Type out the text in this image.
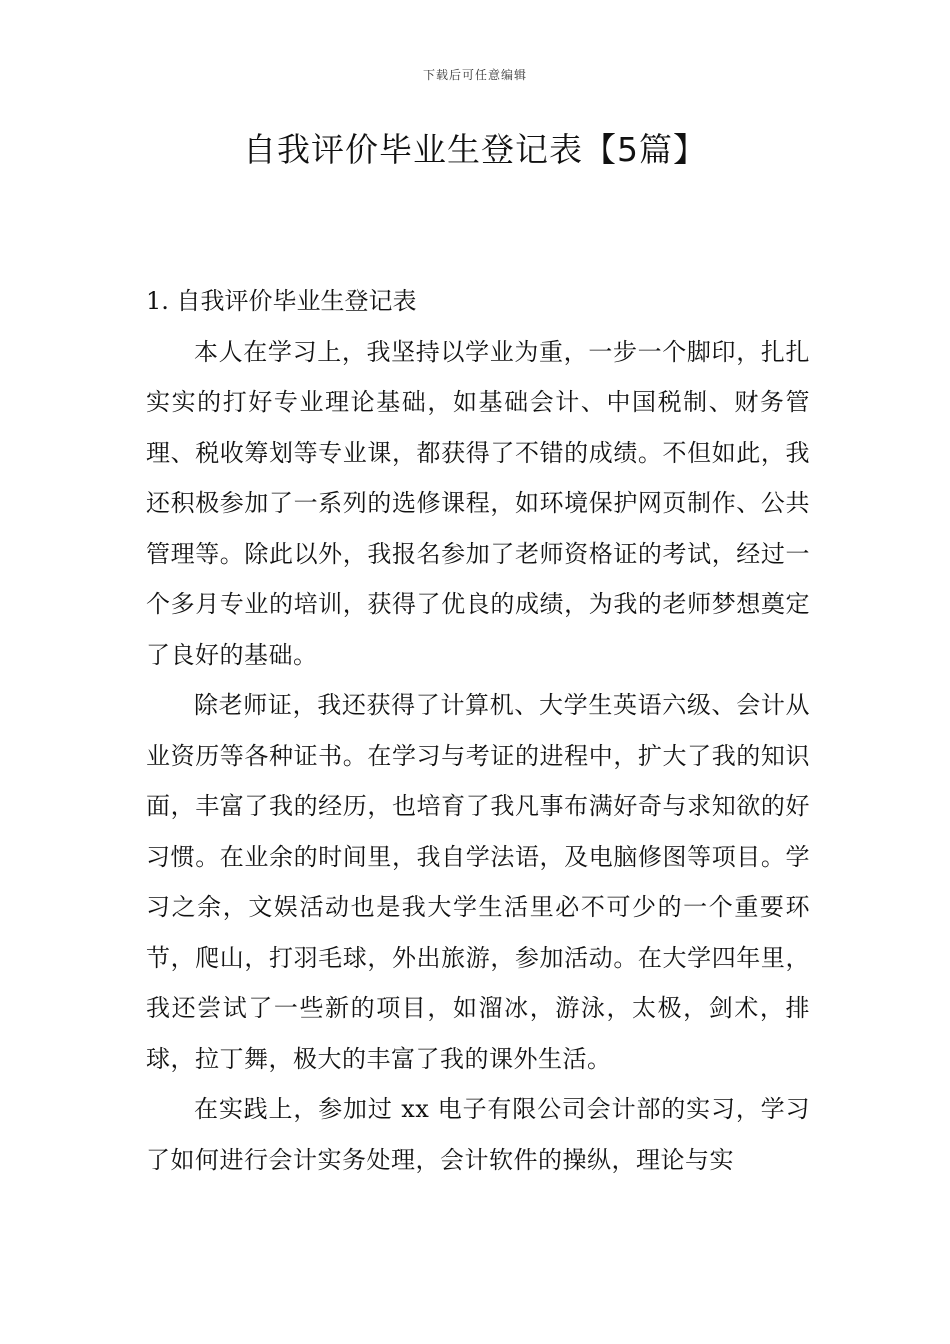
下载后可任意编辑
自我评价毕业生登记表【5篇】
1. 自我评价毕业生登记表

本人在学习上，我坚持以学业为重，一步一个脚印，扎扎实实的打好专业理论基础，如基础会计、中国税制、财务管理、税收筹划等专业课，都获得了不错的成绩。不但如此，我还积极参加了一系列的选修课程，如环境保护网页制作、公共管理等。除此以外，我报名参加了老师资格证的考试，经过一个多月专业的培训，获得了优良的成绩，为我的老师梦想奠定了良好的基础。

除老师证，我还获得了计算机、大学生英语六级、会计从业资历等各种证书。在学习与考证的进程中，扩大了我的知识面，丰富了我的经历，也培育了我凡事布满好奇与求知欲的好习惯。在业余的时间里，我自学法语，及电脑修图等项目。学习之余，文娱活动也是我大学生活里必不可少的一个重要环节，爬山，打羽毛球，外出旅游，参加活动。在大学四年里，我还尝试了一些新的项目，如溜冰，游泳，太极，剑术，排球，拉丁舞，极大的丰富了我的课外生活。

在实践上，参加过 xx 电子有限公司会计部的实习，学习了如何进行会计实务处理，会计软件的操纵，理论与实
